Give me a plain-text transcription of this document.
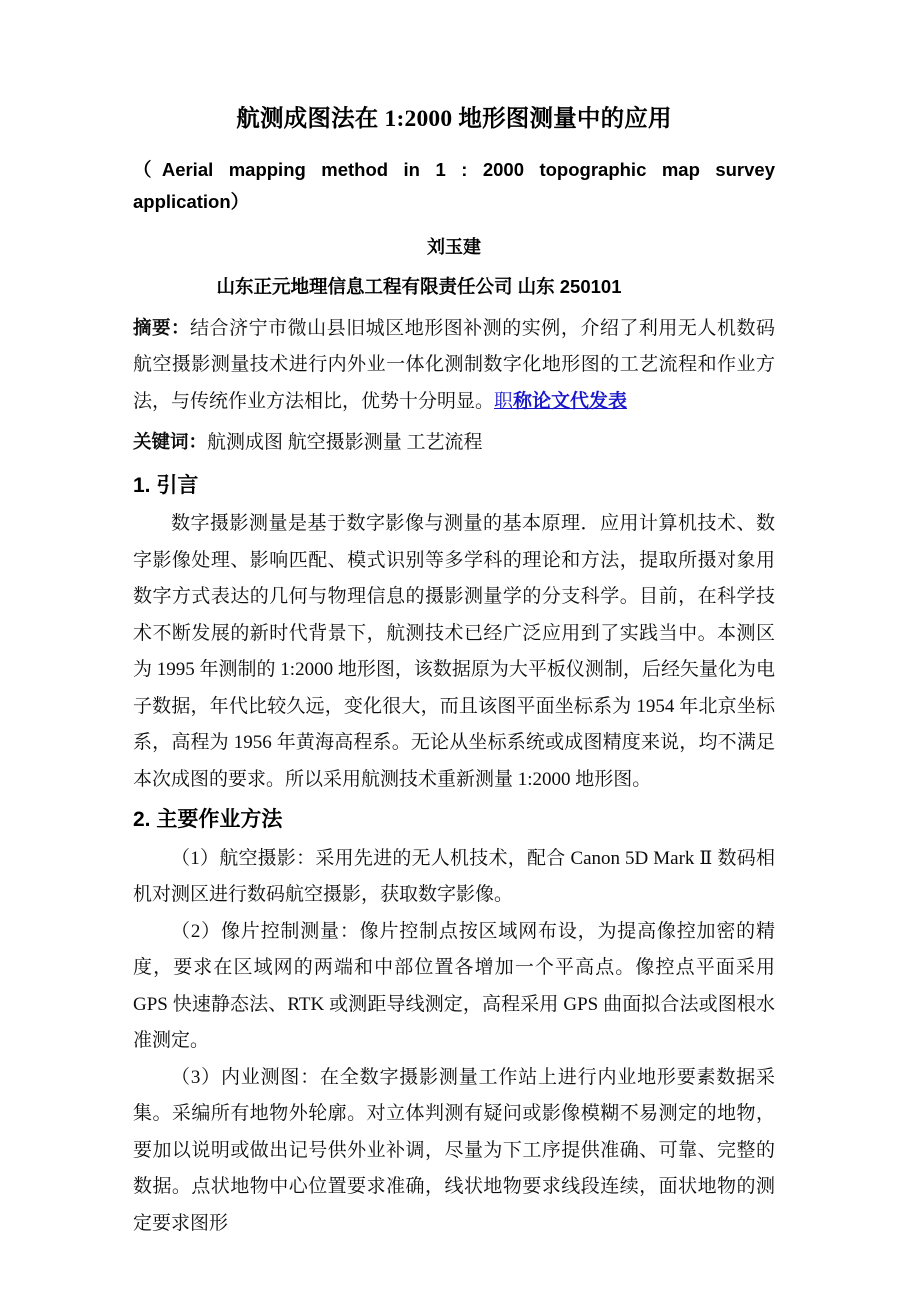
航测成图法在 1:2000 地形图测量中的应用
（Aerial mapping method in 1 : 2000 topographic map survey application）
刘玉建
山东正元地理信息工程有限责任公司 山东 250101

摘要：结合济宁市微山县旧城区地形图补测的实例，介绍了利用无人机数码航空摄影测量技术进行内外业一体化测制数字化地形图的工艺流程和作业方法，与传统作业方法相比，优势十分明显。职称论文代发表

关键词：航测成图 航空摄影测量 工艺流程

1. 引言

数字摄影测量是基于数字影像与测量的基本原理．应用计算机技术、数字影像处理、影响匹配、模式识别等多学科的理论和方法，提取所摄对象用数字方式表达的几何与物理信息的摄影测量学的分支科学。目前，在科学技术不断发展的新时代背景下，航测技术已经广泛应用到了实践当中。本测区为 1995 年测制的 1:2000 地形图，该数据原为大平板仪测制，后经矢量化为电子数据，年代比较久远，变化很大，而且该图平面坐标系为 1954 年北京坐标系，高程为 1956 年黄海高程系。无论从坐标系统或成图精度来说，均不满足本次成图的要求。所以采用航测技术重新测量 1:2000 地形图。

2. 主要作业方法

（1）航空摄影：采用先进的无人机技术，配合 Canon 5D Mark Ⅱ 数码相机对测区进行数码航空摄影，获取数字影像。

（2）像片控制测量：像片控制点按区域网布设，为提高像控加密的精度，要求在区域网的两端和中部位置各增加一个平高点。像控点平面采用 GPS 快速静态法、RTK 或测距导线测定，高程采用 GPS 曲面拟合法或图根水准测定。

（3）内业测图：在全数字摄影测量工作站上进行内业地形要素数据采集。采编所有地物外轮廓。对立体判测有疑问或影像模糊不易测定的地物，要加以说明或做出记号供外业补调，尽量为下工序提供准确、可靠、完整的数据。点状地物中心位置要求准确，线状地物要求线段连续，面状地物的测定要求图形
